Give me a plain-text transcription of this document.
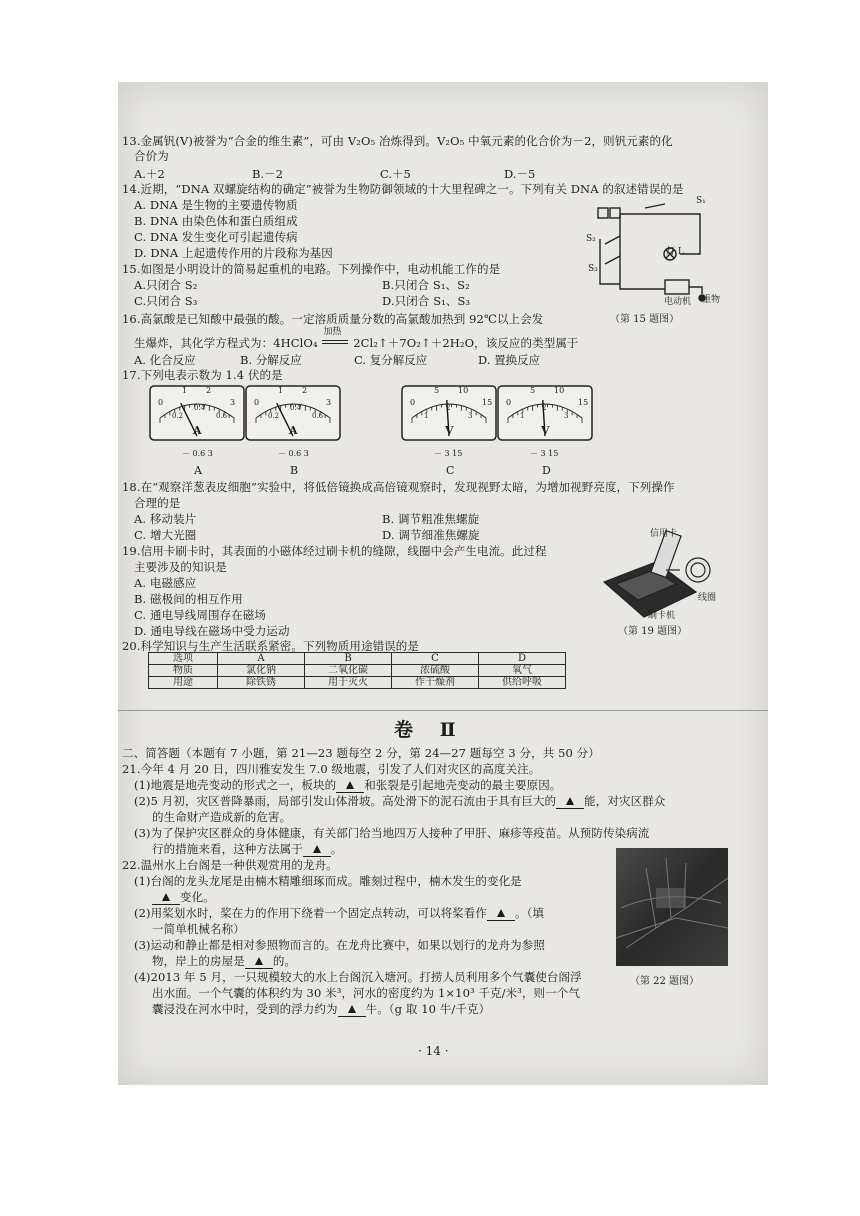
13.金属钒(V)被誉为“合金的维生素”，可由 V₂O₅ 冶炼得到。V₂O₅ 中氧元素的化合价为－2，则钒元素的化
合价为
A.＋2	B.－2	C.＋5	D.－5
14.近期，“DNA 双螺旋结构的确定”被誉为生物防御领域的十大里程碑之一。下列有关 DNA 的叙述错误的是
A. DNA 是生物的主要遗传物质
B. DNA 由染色体和蛋白质组成
C. DNA 发生变化可引起遗传病
D. DNA 上起遗传作用的片段称为基因
15.如图是小明设计的简易起重机的电路。下列操作中，电动机能工作的是
A.只闭合 S₂	B.只闭合 S₁、S₂
C.只闭合 S₃	D.只闭合 S₁、S₃
S₁
S₂
S₃
灯 L
电动机 重物
（第 15 题图）
16.高氯酸是已知酸中最强的酸。一定溶质质量分数的高氯酸加热到 92℃以上会发
生爆炸，其化学方程式为：4HClO₄
加热
2Cl₂↑＋7O₂↑＋2H₂O，该反应的类型属于
A. 化合反应	B. 分解反应	C. 复分解反应	D. 置换反应
17.下列电表示数为 1.4 伏的是
0
1 2
3
0.2
0.4
0.6
A
－ 0.6 3
A
0
1 2
3
0.2
0.4
0.6
A
－ 0.6 3
B
0
5 10
15
1
2
3
V
－ 3 15
C
0
5 10
15
1
2
3
V
－ 3 15
D
18.在“观察洋葱表皮细胞”实验中，将低倍镜换成高倍镜观察时，发现视野太暗，为增加视野亮度，下列操作
合理的是
A. 移动装片	B. 调节粗准焦螺旋
C. 增大光圈	D. 调节细准焦螺旋
19.信用卡刷卡时，其表面的小磁体经过刷卡机的缝隙，线圈中会产生电流。此过程
主要涉及的知识是
A. 电磁感应
B. 磁极间的相互作用
C. 通电导线周围存在磁场
D. 通电导线在磁场中受力运动
信用卡
线圈
刷卡机
（第 19 题图）
20.科学知识与生产生活联系紧密。下列物质用途错误的是
选项	A	B	C	D
物质	氯化钠	二氧化碳	浓硫酸	氧气
用途	除铁锈	用于灭火	作干燥剂	供给呼吸
卷 Ⅱ
二、简答题（本题有 7 小题，第 21—23 题每空 2 分，第 24—27 题每空 3 分，共 50 分）
21.今年 4 月 20 日，四川雅安发生 7.0 级地震，引发了人们对灾区的高度关注。
(1)地震是地壳变动的形式之一，板块的 和张裂是引起地壳变动的最主要原因。
(2)5 月初，灾区普降暴雨，局部引发山体滑坡。高处滑下的泥石流由于具有巨大的 能，对灾区群众
的生命财产造成新的危害。
(3)为了保护灾区群众的身体健康，有关部门给当地四万人接种了甲肝、麻疹等疫苗。从预防传染病流
行的措施来看，这种方法属于 。
22.温州水上台阁是一种供观赏用的龙舟。
(1)台阁的龙头龙尾是由楠木精雕细琢而成。雕刻过程中，楠木发生的变化是
变化。
(2)用桨划水时，桨在力的作用下绕着一个固定点转动，可以将桨看作 。（填
一简单机械名称）
(3)运动和静止都是相对参照物而言的。在龙舟比赛中，如果以划行的龙舟为参照
物，岸上的房屋是 的。
(4)2013 年 5 月，一只规模较大的水上台阁沉入塘河。打捞人员利用多个气囊使台阁浮
出水面。一个气囊的体积约为 30 米³，河水的密度约为 1×10³ 千克/米³，则一个气
囊浸没在河水中时，受到的浮力约为 牛。（g 取 10 牛/千克）
（第 22 题图）
· 14 ·
